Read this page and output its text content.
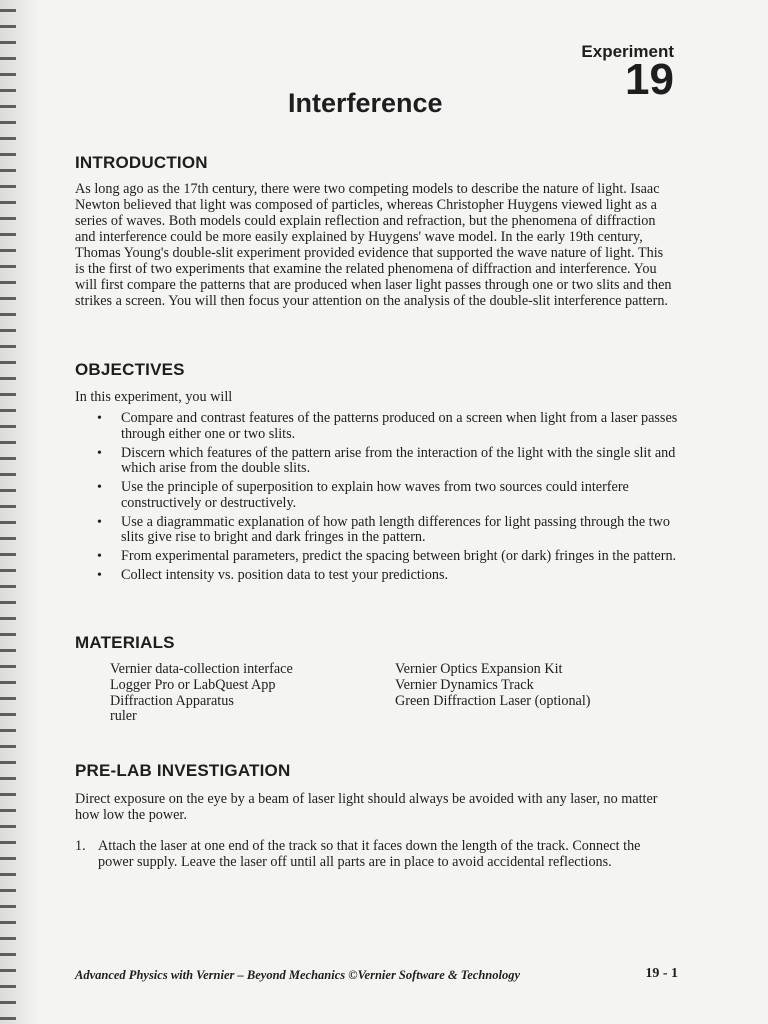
Experiment
19
Interference
INTRODUCTION
As long ago as the 17th century, there were two competing models to describe the nature of light. Isaac Newton believed that light was composed of particles, whereas Christopher Huygens viewed light as a series of waves. Both models could explain reflection and refraction, but the phenomena of diffraction and interference could be more easily explained by Huygens' wave model. In the early 19th century, Thomas Young's double-slit experiment provided evidence that supported the wave nature of light. This is the first of two experiments that examine the related phenomena of diffraction and interference. You will first compare the patterns that are produced when laser light passes through one or two slits and then strikes a screen. You will then focus your attention on the analysis of the double-slit interference pattern.
OBJECTIVES
In this experiment, you will
• Compare and contrast features of the patterns produced on a screen when light from a laser passes through either one or two slits.
• Discern which features of the pattern arise from the interaction of the light with the single slit and which arise from the double slits.
• Use the principle of superposition to explain how waves from two sources could interfere constructively or destructively.
• Use a diagrammatic explanation of how path length differences for light passing through the two slits give rise to bright and dark fringes in the pattern.
• From experimental parameters, predict the spacing between bright (or dark) fringes in the pattern.
• Collect intensity vs. position data to test your predictions.
MATERIALS
Vernier data-collection interface
Logger Pro or LabQuest App
Diffraction Apparatus
ruler
Vernier Optics Expansion Kit
Vernier Dynamics Track
Green Diffraction Laser (optional)
PRE-LAB INVESTIGATION
Direct exposure on the eye by a beam of laser light should always be avoided with any laser, no matter how low the power.
1. Attach the laser at one end of the track so that it faces down the length of the track. Connect the power supply. Leave the laser off until all parts are in place to avoid accidental reflections.
Advanced Physics with Vernier – Beyond Mechanics ©Vernier Software & Technology	19 - 1
